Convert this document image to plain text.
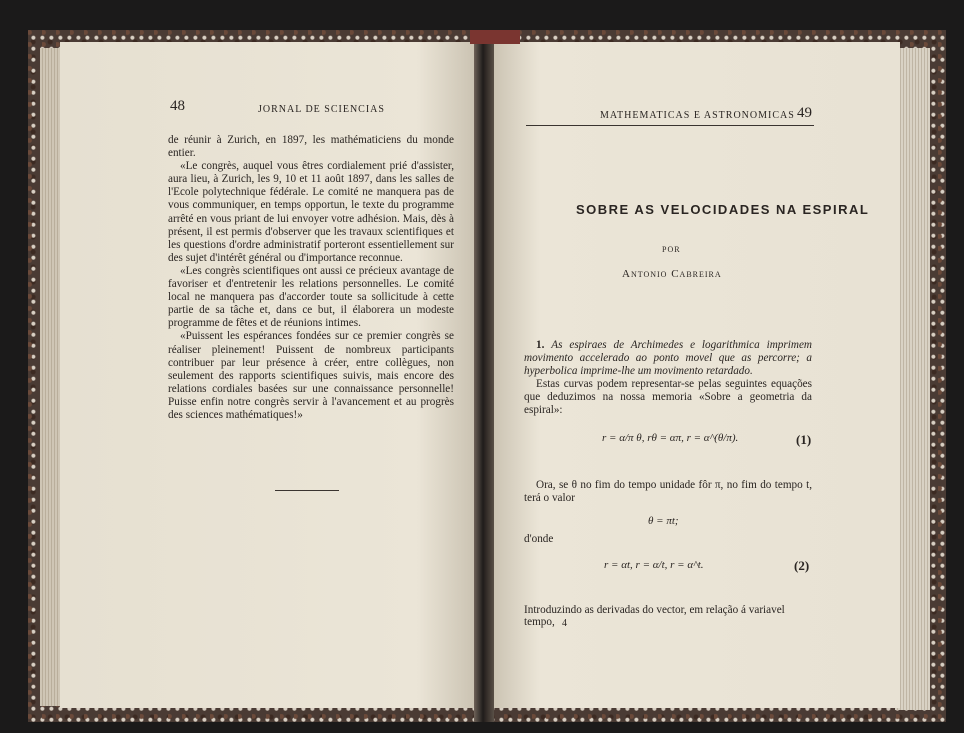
48	JORNAL DE SCIENCIAS

de réunir à Zurich, en 1897, les mathématiciens du monde entier.

«Le congrès, auquel vous êtres cordialement prié d'assister, aura lieu, à Zurich, les 9, 10 et 11 août 1897, dans les salles de l'Ecole polytechnique fédérale. Le comité ne manquera pas de vous communiquer, en temps opportun, le texte du programme arrêté en vous priant de lui envoyer votre adhésion. Mais, dès à présent, il est permis d'observer que les travaux scientifiques et les questions d'ordre administratif porteront essentiellement sur des sujet d'intérêt général ou d'importance reconnue.

«Les congrès scientifiques ont aussi ce précieux avantage de favoriser et d'entretenir les relations personnelles. Le comité local ne manquera pas d'accorder toute sa sollicitude à cette partie de sa tâche et, dans ce but, il élaborera un modeste programme de fêtes et de réunions intimes.

«Puissent les espérances fondées sur ce premier congrès se réaliser pleinement! Puissent de nombreux participants contribuer par leur présence à créer, entre collègues, non seulement des rapports scientifiques suivis, mais encore des relations cordiales basées sur une connaissance personnelle! Puisse enfin notre congrès servir à l'avancement et au progrès des sciences mathématiques!»

MATHEMATICAS E ASTRONOMICAS 49
SOBRE AS VELOCIDADES NA ESPIRAL
POR
Antonio Cabreira

1. As espiraes de Archimedes e logarithmica imprimem movimento accelerado ao ponto movel que as percorre; a hyperbolica imprime-lhe um movimento retardado.

Estas curvas podem representar-se pelas seguintes equações que deduzimos na nossa memoria «Sobre a geometria da espiral»:

r = α/π θ, rθ = απ, r = α^(θ/π).	(1)

Ora, se θ no fim do tempo unidade fôr π, no fim do tempo t, terá o valor

θ = πt;
d'onde
r = αt, r = α/t, r = α^t.	(2)
Introduzindo as derivadas do vector, em relação á variavel tempo, 4
